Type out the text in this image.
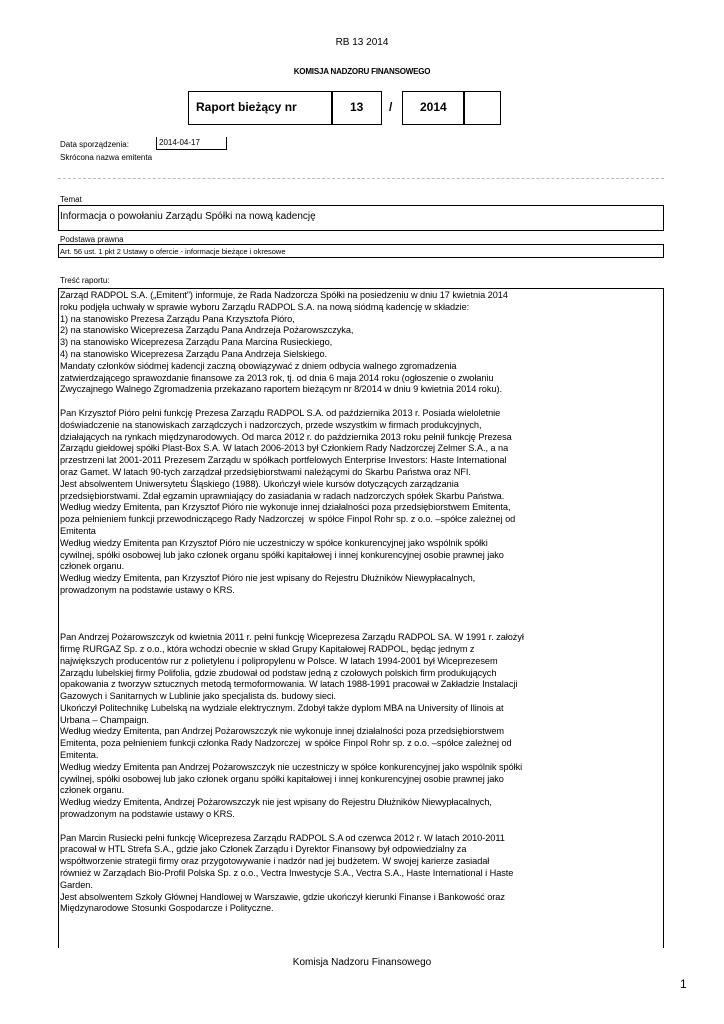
RB 13 2014
KOMISJA NADZORU FINANSOWEGO
Raport bieżący nr	13 / 2014
Data sporządzenia:	2014-04-17
Skrócona nazwa emitenta
Temat
Informacja o powołaniu Zarządu Spółki na nową kadencję
Podstawa prawna
Art. 56 ust. 1 pkt 2 Ustawy o ofercie - informacje bieżące i okresowe
Treść raportu:

Zarząd RADPOL S.A. („Emitent”) informuje, że Rada Nadzorcza Spółki na posiedzeniu w dniu 17 kwietnia 2014

roku podjęła uchwały w sprawie wyboru Zarządu RADPOL S.A. na nową siódmą kadencję w składzie:

1) na stanowisko Prezesa Zarządu Pana Krzysztofa Pióro,

2) na stanowisko Wiceprezesa Zarządu Pana Andrzeja Pożarowszczyka,

3) na stanowisko Wiceprezesa Zarządu Pana Marcina Rusieckiego,

4) na stanowisko Wiceprezesa Zarządu Pana Andrzeja Sielskiego.

Mandaty członków siódmej kadencji zaczną obowiązywać z dniem odbycia walnego zgromadzenia

zatwierdzającego sprawozdanie finansowe za 2013 rok, tj. od dnia 6 maja 2014 roku (ogłoszenie o zwołaniu

Zwyczajnego Walnego Zgromadzenia przekazano raportem bieżącym nr 8/2014 w dniu 9 kwietnia 2014 roku).

Pan Krzysztof Pióro pełni funkcję Prezesa Zarządu RADPOL S.A. od października 2013 r. Posiada wieloletnie

doświadczenie na stanowiskach zarządczych i nadzorczych, przede wszystkim w firmach produkcyjnych,

działających na rynkach międzynarodowych. Od marca 2012 r. do października 2013 roku pełnił funkcję Prezesa

Zarządu giełdowej spółki Plast-Box S.A. W latach 2006-2013 był Członkiem Rady Nadzorczej Zelmer S.A., a na

przestrzeni lat 2001-2011 Prezesem Zarządu w spółkach portfelowych Enterprise Investors: Haste International

oraz Gamet. W latach 90-tych zarządzał przedsiębiorstwami należącymi do Skarbu Państwa oraz NFI.

Jest absolwentem Uniwersytetu Śląskiego (1988). Ukończył wiele kursów dotyczących zarządzania

przedsiębiorstwami. Zdał egzamin uprawniający do zasiadania w radach nadzorczych spółek Skarbu Państwa.

Według wiedzy Emitenta, pan Krzysztof Pióro nie wykonuje innej działalności poza przedsiębiorstwem Emitenta,

poza pełnieniem funkcji przewodniczącego Rady Nadzorczej  w spółce Finpol Rohr sp. z o.o. –spółce zależnej od

Emitenta

Według wiedzy Emitenta pan Krzysztof Pióro nie uczestniczy w spółce konkurencyjnej jako wspólnik spółki

cywilnej, spółki osobowej lub jako członek organu spółki kapitałowej i innej konkurencyjnej osobie prawnej jako

członek organu.

Według wiedzy Emitenta, pan Krzysztof Pióro nie jest wpisany do Rejestru Dłużników Niewypłacalnych,

prowadzonym na podstawie ustawy o KRS.

Pan Andrzej Pożarowszczyk od kwietnia 2011 r. pełni funkcję Wiceprezesa Zarządu RADPOL SA. W 1991 r. założył

firmę RURGAZ Sp. z o.o., która wchodzi obecnie w skład Grupy Kapitałowej RADPOL, będąc jednym z

największych producentów rur z polietylenu i polipropylenu w Polsce. W latach 1994-2001 był Wiceprezesem

Zarządu lubelskiej firmy Polifolia, gdzie zbudował od podstaw jedną z czołowych polskich firm produkujących

opakowania z tworzyw sztucznych metodą termoformowania. W latach 1988-1991 pracował w Zakładzie Instalacji

Gazowych i Sanitarnych w Lublinie jako specjalista ds. budowy sieci.

Ukończył Politechnikę Lubelską na wydziale elektrycznym. Zdobył także dyplom MBA na University of Ilinois at

Urbana – Champaign.

Według wiedzy Emitenta, pan Andrzej Pożarowszczyk nie wykonuje innej działalności poza przedsiębiorstwem

Emitenta, poza pełnieniem funkcji członka Rady Nadzorczej  w spółce Finpol Rohr sp. z o.o. –spółce zależnej od

Emitenta.

Według wiedzy Emitenta pan Andrzej Pożarowszczyk nie uczestniczy w spółce konkurencyjnej jako wspólnik spółki

cywilnej, spółki osobowej lub jako członek organu spółki kapitałowej i innej konkurencyjnej osobie prawnej jako

członek organu.

Według wiedzy Emitenta, Andrzej Pożarowszczyk nie jest wpisany do Rejestru Dłużników Niewypłacalnych,

prowadzonym na podstawie ustawy o KRS.

Pan Marcin Rusiecki pełni funkcję Wiceprezesa Zarządu RADPOL S.A od czerwca 2012 r. W latach 2010-2011

pracował w HTL Strefa S.A., gdzie jako Członek Zarządu i Dyrektor Finansowy był odpowiedzialny za

współtworzenie strategii firmy oraz przygotowywanie i nadzór nad jej budżetem. W swojej karierze zasiadał

również w Zarządach Bio-Profil Polska Sp. z o.o., Vectra Inwestycje S.A., Vectra S.A., Haste International i Haste

Garden.

Jest absolwentem Szkoły Głównej Handlowej w Warszawie, gdzie ukończył kierunki Finanse i Bankowość oraz

Międzynarodowe Stosunki Gospodarcze i Polityczne.

Komisja Nadzoru Finansowego
1
